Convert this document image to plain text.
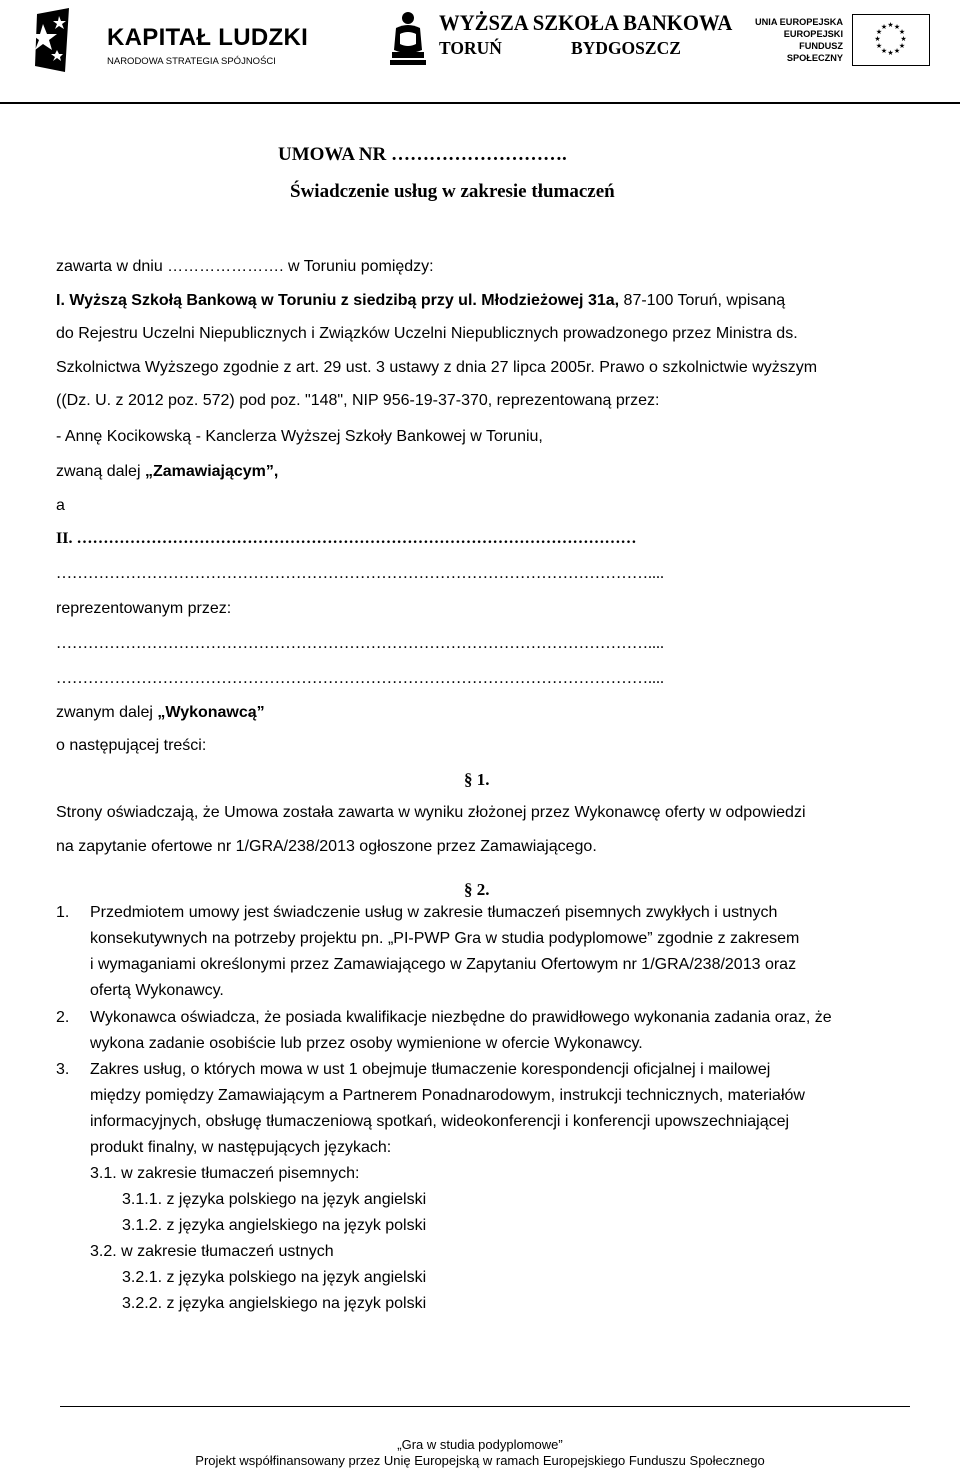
KAPITAŁ LUDZKI
NARODOWA STRATEGIA SPÓJNOŚCI
WYŻSZA SZKOŁA BANKOWA
TORUŃ	BYDGOSZCZ
UNIA EUROPEJSKA
EUROPEJSKI
FUNDUSZ SPOŁECZNY
★ ★
★
★
★
★
★
★
★
★
★
★
UMOWA NR ……………………….
Świadczenie usług w zakresie tłumaczeń
zawarta w dniu …………………. w Toruniu pomiędzy:
I. Wyższą Szkołą Bankową w Toruniu z siedzibą przy ul. Młodzieżowej 31a, 87-100 Toruń, wpisaną
do Rejestru Uczelni Niepublicznych i Związków Uczelni Niepublicznych prowadzonego przez Ministra ds.
Szkolnictwa Wyższego zgodnie z art. 29 ust. 3 ustawy z dnia 27 lipca 2005r. Prawo o szkolnictwie wyższym
((Dz. U. z 2012 poz. 572) pod poz. "148", NIP 956-19-37-370, reprezentowaną przez:
- Annę Kocikowską - Kanclerza Wyższej Szkoły Bankowej w Toruniu,
zwaną dalej „Zamawiającym”,
a
II. ……………………………………………………………………………………………
…………………………………………………………………………………………………....
reprezentowanym przez:
…………………………………………………………………………………………………....
…………………………………………………………………………………………………....
zwanym dalej „Wykonawcą”
o następującej treści:
§ 1.
Strony oświadczają, że Umowa została zawarta w wyniku złożonej przez Wykonawcę oferty w odpowiedzi
na zapytanie ofertowe nr 1/GRA/238/2013 ogłoszone przez Zamawiającego.
§ 2.
1. Przedmiotem umowy jest świadczenie usług w zakresie tłumaczeń pisemnych zwykłych i ustnych
konsekutywnych na potrzeby projektu pn. „PI-PWP Gra w studia podyplomowe” zgodnie z zakresem
i wymaganiami określonymi przez Zamawiającego w Zapytaniu Ofertowym nr 1/GRA/238/2013 oraz
ofertą Wykonawcy.
2. Wykonawca oświadcza, że posiada kwalifikacje niezbędne do prawidłowego wykonania zadania oraz, że
wykona zadanie osobiście lub przez osoby wymienione w ofercie Wykonawcy.
3. Zakres usług, o których mowa w ust 1 obejmuje tłumaczenie korespondencji oficjalnej i mailowej
między pomiędzy Zamawiającym a Partnerem Ponadnarodowym, instrukcji technicznych, materiałów
informacyjnych, obsługę tłumaczeniową spotkań, wideokonferencji i konferencji upowszechniającej
produkt finalny, w następujących językach:
3.1. w zakresie tłumaczeń pisemnych:
3.1.1. z języka polskiego na język angielski
3.1.2. z języka angielskiego na język polski
3.2. w zakresie tłumaczeń ustnych
3.2.1. z języka polskiego na język angielski
3.2.2. z języka angielskiego na język polski
„Gra w studia podyplomowe”
Projekt współfinansowany przez Unię Europejską w ramach Europejskiego Funduszu Społecznego
